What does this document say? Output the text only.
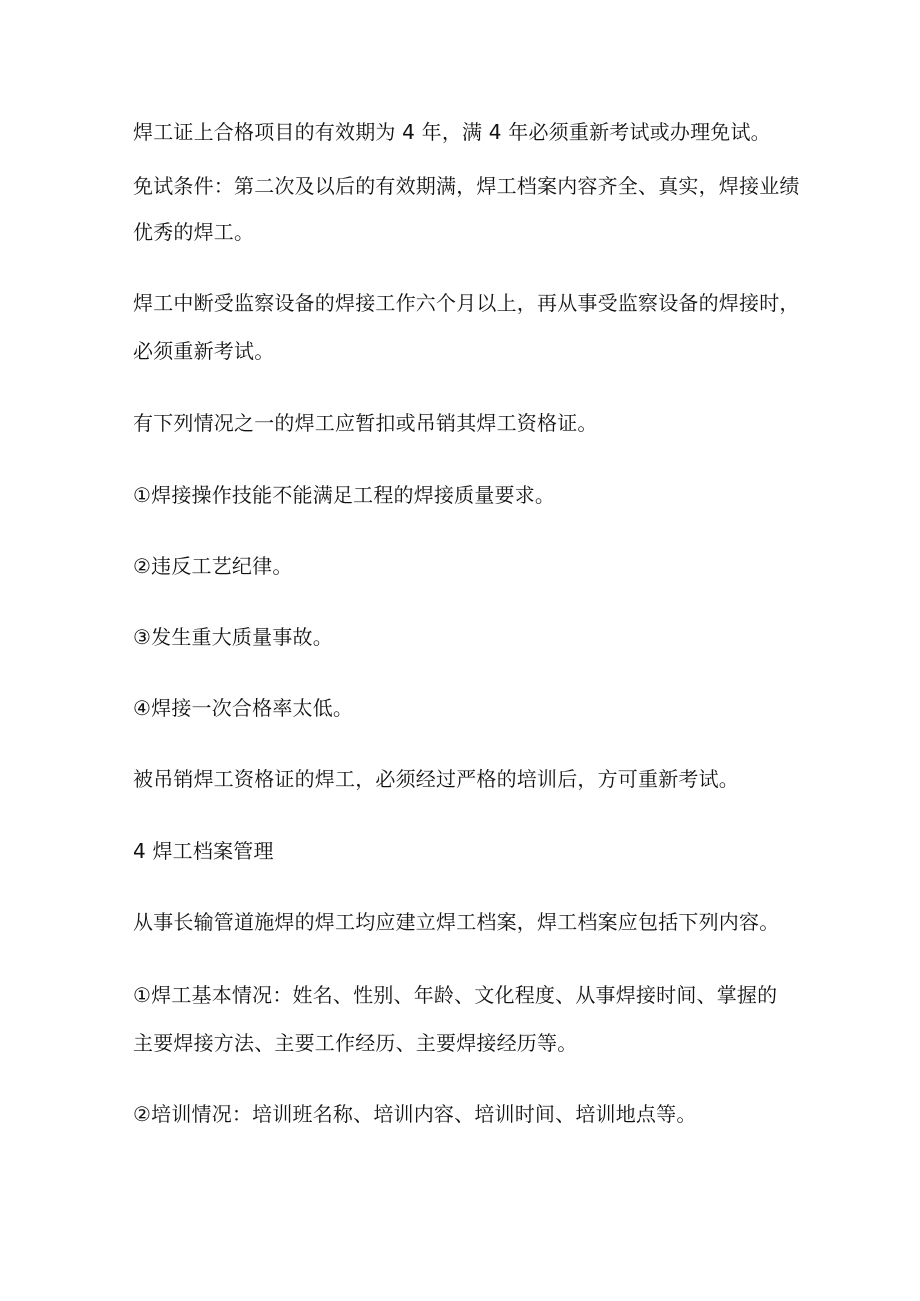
焊工证上合格项目的有效期为 4 年，满 4 年必须重新考试或办理免试。

免试条件：第二次及以后的有效期满，焊工档案内容齐全、真实，焊接业绩

优秀的焊工。

焊工中断受监察设备的焊接工作六个月以上，再从事受监察设备的焊接时，

必须重新考试。

有下列情况之一的焊工应暂扣或吊销其焊工资格证。

①焊接操作技能不能满足工程的焊接质量要求。

②违反工艺纪律。

③发生重大质量事故。

④焊接一次合格率太低。

被吊销焊工资格证的焊工，必须经过严格的培训后，方可重新考试。

4 焊工档案管理

从事长输管道施焊的焊工均应建立焊工档案，焊工档案应包括下列内容。

①焊工基本情况：姓名、性别、年龄、文化程度、从事焊接时间、掌握的

主要焊接方法、主要工作经历、主要焊接经历等。

②培训情况：培训班名称、培训内容、培训时间、培训地点等。
